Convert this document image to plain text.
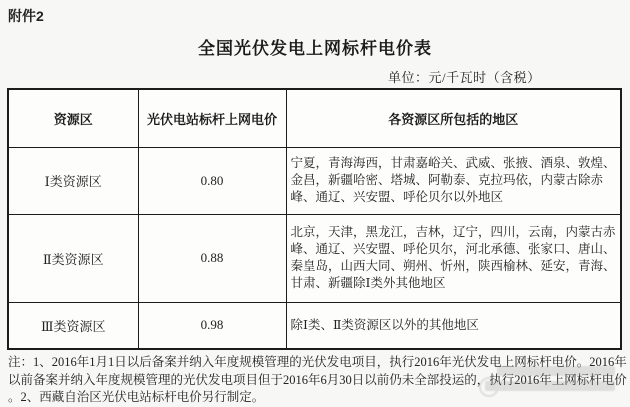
附件2
全国光伏发电上网标杆电价表
单位：元/千瓦时（含税）
资源区	光伏电站标杆上网电价	各资源区所包括的地区
Ⅰ类资源区	0.80	宁夏，青海海西，甘肃嘉峪关、武威、张掖、酒泉、敦煌、金昌，新疆哈密、塔城、阿勒泰、克拉玛依，内蒙古除赤峰、通辽、兴安盟、呼伦贝尔以外地区
Ⅱ类资源区	0.88	北京，天津，黑龙江，吉林，辽宁，四川，云南，内蒙古赤峰、通辽、兴安盟、呼伦贝尔，河北承德、张家口、唐山、秦皇岛，山西大同、朔州、忻州，陕西榆林、延安，青海、甘肃、新疆除Ⅰ类外其他地区
Ⅲ类资源区	0.98	除Ⅰ类、Ⅱ类资源区以外的其他地区
注：1、2016年1月1日以后备案并纳入年度规模管理的光伏发电项目，执行2016年光伏发电上网标杆电价。2016年
以前备案并纳入年度规模管理的光伏发电项目但于2016年6月30日以前仍未全部投运的，执行2016年上网标杆电价
。2、西藏自治区光伏电站标杆电价另行制定。
